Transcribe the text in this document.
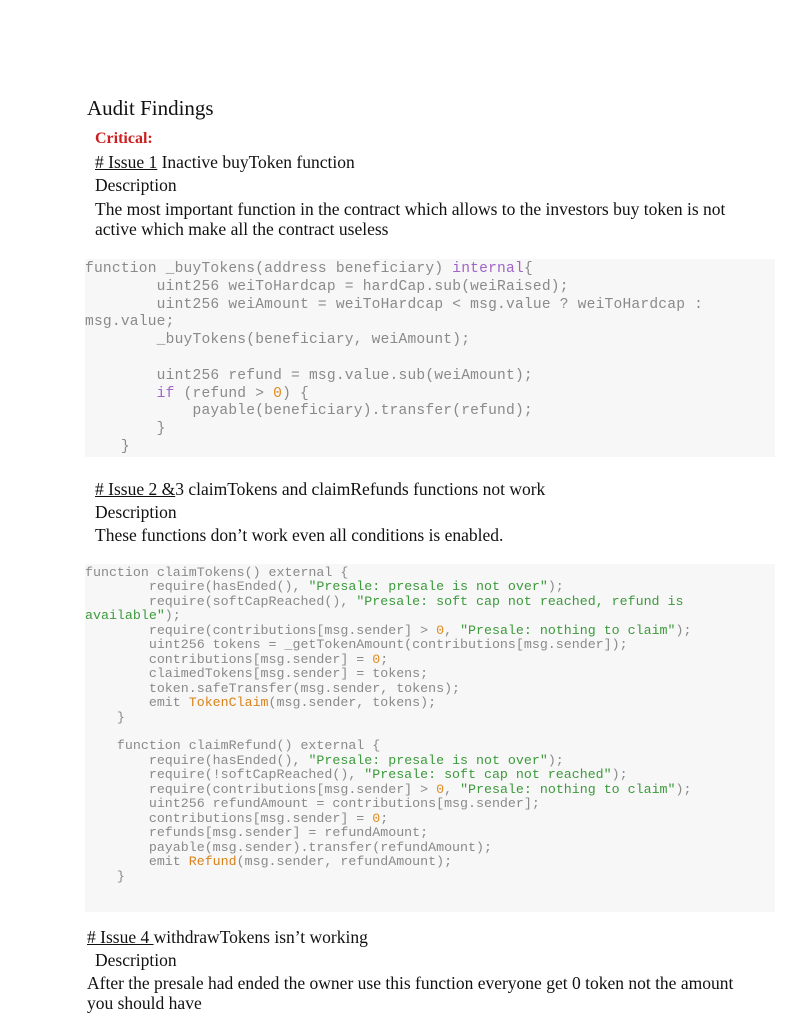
Audit Findings
Critical:
# Issue 1 Inactive buyToken function
Description
The most important function in the contract which allows to the investors buy token is not
active which make all the contract useless
function _buyTokens(address beneficiary) internal{
uint256 weiToHardcap = hardCap.sub(weiRaised);
uint256 weiAmount = weiToHardcap < msg.value ? weiToHardcap :
msg.value;
_buyTokens(beneficiary, weiAmount);

uint256 refund = msg.value.sub(weiAmount);
if (refund > 0) {
payable(beneficiary).transfer(refund);
}
}
# Issue 2 &3 claimTokens and claimRefunds functions not work
Description
These functions don’t work even all conditions is enabled.
function claimTokens() external {
require(hasEnded(), "Presale: presale is not over");
require(softCapReached(), "Presale: soft cap not reached, refund is
available");
require(contributions[msg.sender] > 0, "Presale: nothing to claim");
uint256 tokens = _getTokenAmount(contributions[msg.sender]);
contributions[msg.sender] = 0;
claimedTokens[msg.sender] = tokens;
token.safeTransfer(msg.sender, tokens);
emit TokenClaim(msg.sender, tokens);
}

function claimRefund() external {
require(hasEnded(), "Presale: presale is not over");
require(!softCapReached(), "Presale: soft cap not reached");
require(contributions[msg.sender] > 0, "Presale: nothing to claim");
uint256 refundAmount = contributions[msg.sender];
contributions[msg.sender] = 0;
refunds[msg.sender] = refundAmount;
payable(msg.sender).transfer(refundAmount);
emit Refund(msg.sender, refundAmount);
}
# Issue 4 withdrawTokens isn’t working
Description
After the presale had ended the owner use this function everyone get 0 token not the amount
you should have
